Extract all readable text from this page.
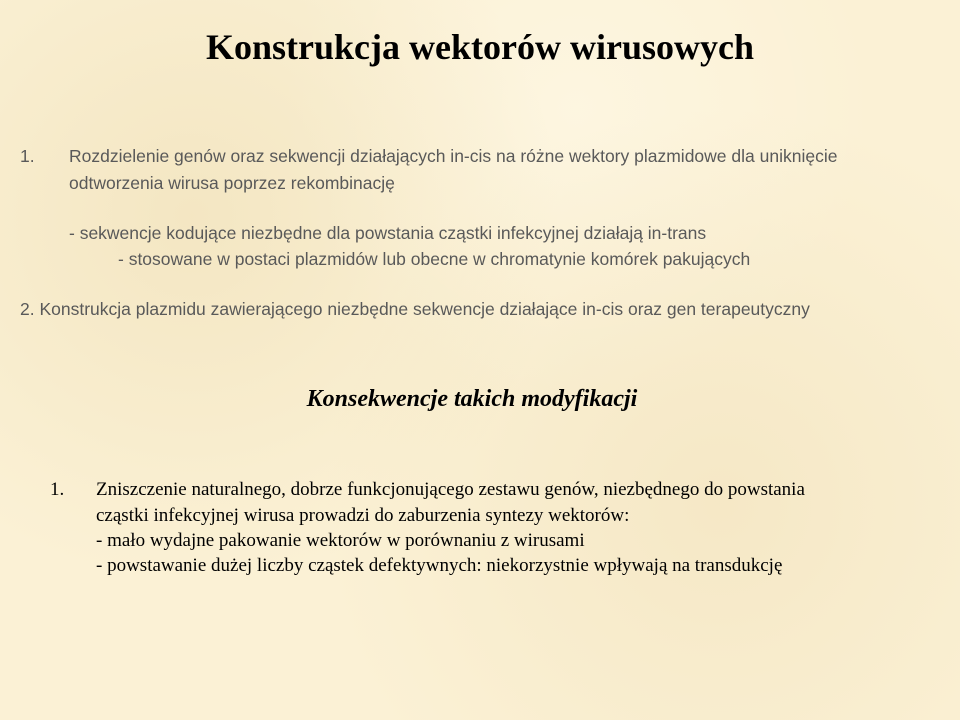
Konstrukcja wektorów wirusowych
1. Rozdzielenie genów oraz sekwencji działających in-cis na różne wektory plazmidowe dla uniknięcie
odtworzenia wirusa poprzez rekombinację
- sekwencje kodujące niezbędne dla powstania cząstki infekcyjnej działają in-trans
- stosowane w postaci plazmidów lub obecne w chromatynie komórek pakujących
2. Konstrukcja plazmidu zawierającego niezbędne sekwencje działające in-cis oraz gen terapeutyczny
Konsekwencje takich modyfikacji
1. Zniszczenie naturalnego, dobrze funkcjonującego zestawu genów, niezbędnego do powstania
cząstki infekcyjnej wirusa prowadzi do zaburzenia syntezy wektorów:
- mało wydajne pakowanie wektorów w porównaniu z wirusami
- powstawanie dużej liczby cząstek defektywnych: niekorzystnie wpływają na transdukcję
